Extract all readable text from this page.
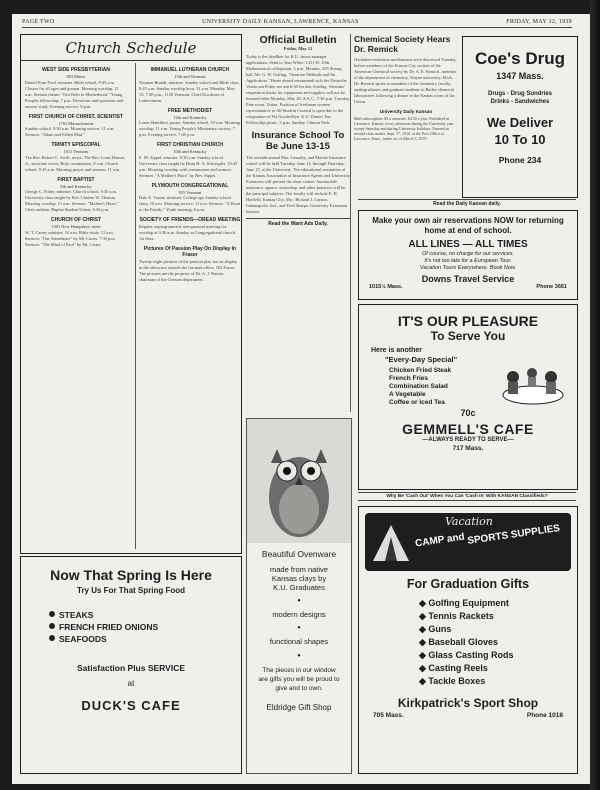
PAGE TWO	UNIVERSITY DAILY KANSAN, LAWRENCE, KANSAS	FRIDAY, MAY 12, 1939
Church Schedule
WEST SIDE PRESBYTERIAN
803 Maine
Daniel Kent Ford, minister. Bible school, 9:45 a.m. Classes for all ages and groups. Morning worship, 11 a.m. Sermon theme: "Our Debt to Motherhood." Young Peoples fellowship, 7 p.m. Devotions and questions and answer study. Evening service, 8 p.m.
FIRST CHURCH OF CHRIST, SCIENTIST
1701 Massachusetts
Sunday school, 9:30 a.m. Morning service, 11 a.m. Sermon: "Adam and Fallen Man."
TRINITY EPISCOPAL
1011 Vermont
The Rev. Robert C. Swift, rector. The Rev. Louis Hauser, Jr., associate rector. Holy communion, 8 a.m. Church school, 9:45 a.m. Morning prayer and sermon, 11 a.m.
FIRST BAPTIST
8th and Kentucky
George C. Potter, minister. Church school, 9:30 a.m. University class taught by Rev. Charles W. Thomas. Morning worship, 11 a.m. Sermon: "Mother's Heart." Choir anthem. Baptist Student Union, 6:30 p.m.
CHURCH OF CHRIST
1301 New Hampshire street
W. T. Carter, minister. 10 a.m. Bible study. 11 a.m. Sermon: "Our Attendance" by Mr. Carter. 7:30 p.m. Sermon: "The Mind of Paul" by Mr. Carter.
IMMANUEL LUTHERAN CHURCH
15th and Vermont
Norman Brandt, minister. Sunday school and Bible class, 9:45 a.m. Sunday worship hour, 11 a.m. Monday, May 15, 7:30 p.m., 1126 Vermont, Chief Doctrines of Lutheranism.
FREE METHODIST
12th and Kentucky
Lester Hamilton, pastor. Sunday school, 10 a.m. Morning worship, 11 a.m. Young People's Missionary society, 7 p.m. Evening service, 7:45 p.m.
FIRST CHRISTIAN CHURCH
10th and Kentucky
E. M. Sippel, minister. 9:30 a.m. Sunday school. University class taught by Dean H. A. Schwegler. 10:45 a.m. Morning worship with communion and sermon. Sermon: "A Mother's Place" by Rev. Sippel.
PLYMOUTH CONGREGATIONAL
925 Vermont
Dale E. Turner, minister. College age Sunday school class, 10 a.m. Morning service, 11 a.m. Sermon: "A Boon to the Family." Youth meeting, 6 p.m.
SOCIETY OF FRIENDS—OREAD MEETING
Regular unprogrammed, non-pastoral meeting for worship at 9:30 a.m. Sunday in Congregational church, 1st floor.
Pictures Of Passion Play On Display In Fraser
Twenty-eight pictures of the passion play are on display in the showcase outside the German office, 102 Fraser. The pictures are the property of Dr. A. J. Barnes, chairman of the German department.
Now That Spring Is Here
Try Us For That Spring Food
STEAKS
FRENCH FRIED ONIONS
SEAFOODS
Satisfaction Plus SERVICE
at
DUCK'S CAFE
Official Bulletin
Friday, May 12
Today is the deadline for K.U. dance manager applications. Send to Tom White, 1311 W. 15th. Mathematical colloquium, 3 p.m. Monday, 305 Strong hall. Mr. G. W. Grifing, "Iteration Methods and An Application." Heute abend versammelt sich der Deutsche Verein am Potter see um 6:30 fur den Ausflug. Veterans' requisition books for equipment and supplies will not be honored after Monday, May 29. A.S.C., 7:30 p.m. Tuesday, Pine room, Union. Position of freshman women representative to All Student Council is open due to the resignation of Pat Goodwillyn. K.U. Dames Tea, Fellowship picnic, 5 p.m. Sunday, Clinton Park.
Insurance School To Be June 13-15
The seventh annual Fire, Casualty, and Marine Insurance school will be held Tuesday, June 13, through Thursday, June 15, at the University. The educational committee of the Kansas Association of Insurance Agents and University Extension will present the short course. Automobile insurance, agency ownership, and other practices will be the principal subjects. The faculty will include E. H. Hatfield, Kansas City, Mo.; Richard J. Layton, Indianapolis, Ind.; and Fred Sharpe, University Extension lecturer.
Read the Want Ads Daily.
Chemical Society Hears Dr. Remick
Oxidation-reduction mechanisms were discussed Tuesday, before members of the Kansas City section of the American Chemical society by Dr. A. E. Remick, member of the department of chemistry, Wayne university, Mich. Dr. Remick spoke to members of the chemistry faculty, undergraduates and graduate students in Bailey chemical laboratories following a dinner in the Kansas room of the Union.
University Daily Kansan
Mail subscription: $3 a semester, $4.50 a year. Published in Lawrence, Kansas, every afternoon during the University year except Saturday and during University holidays. Entered as second class matter, Sept. 17, 1910, at the Post Office at Lawrence, Kans., under act of March 3, 1879.
Coe's Drug
1347 Mass.
Drugs - Drug Sundries
Drinks - Sandwiches
We Deliver
10 To 10
Phone 234
Read the Daily Kansan daily.
Make your own air reservations NOW for returning home at end of school.
ALL LINES — ALL TIMES
Of course, no charge for our services.
It's not too late for a European Tour.
Vacation Tours Everywhere. Book Now.
Downs Travel Service
1015½ Mass.	Phone 3661
IT'S OUR PLEASURE
To Serve You
Here is another
"Every-Day Special"
Chicken Fried Steak
French Fries
Combination Salad
A Vegetable
Coffee or Iced Tea
70c
GEMMELL'S CAFE
—ALWAYS READY TO SERVE—
717 Mass.
Why Be 'Cash Out' When You Can 'Cash In' With KANSAN Classifieds?
Beautiful Ovenware
made from native
Kansas clays by
K.U. Graduates
•
modern designs
•
functional shapes
•
The pieces in our window are gifts you will be proud to give and to own.
Eldridge Gift Shop
Vacation
CAMP and SPORTS SUPPLIES
For Graduation Gifts
◆ Golfing Equipment
◆ Tennis Rackets
◆ Guns
◆ Baseball Gloves
◆ Glass Casting Rods
◆ Casting Reels
◆ Tackle Boxes
Kirkpatrick's Sport Shop
705 Mass.	Phone 1018
